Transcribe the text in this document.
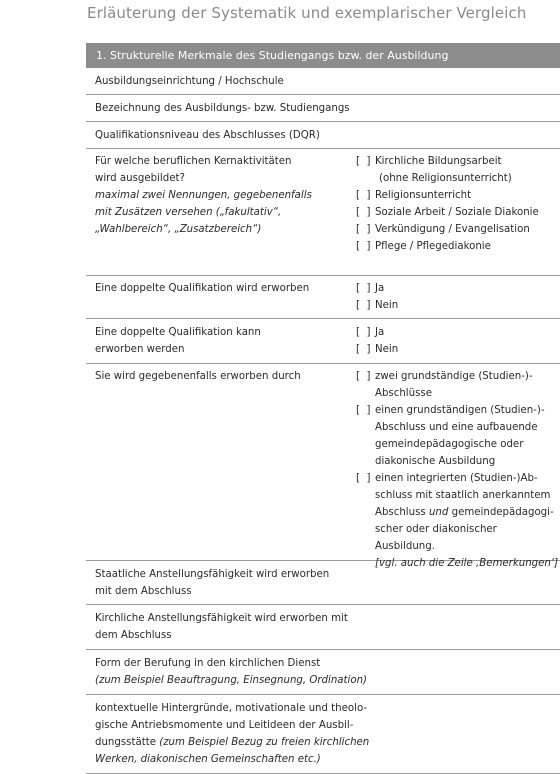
Erläuterung der Systematik und exemplarischer Vergleich
1. Strukturelle Merkmale des Studiengangs bzw. der Ausbildung
Ausbildungseinrichtung / Hochschule
Bezeichnung des Ausbildungs- bzw. Studiengangs
Qualifikationsniveau des Abschlusses (DQR)
Für welche beruflichen Kernaktivitäten
wird ausgebildet?
maximal zwei Nennungen, gegebenenfalls
mit Zusätzen versehen („fakultativ“,
„Wahlbereich“, „Zusatzbereich“)
[  ] Kirchliche Bildungsarbeit
(ohne Religionsunterricht)
[  ] Religionsunterricht
[  ] Soziale Arbeit / Soziale Diakonie
[  ] Verkündigung / Evangelisation
[  ] Pflege / Pflegediakonie
Eine doppelte Qualifikation wird erworben	[  ] Ja
[  ] Nein
Eine doppelte Qualifikation kann
erworben werden
[  ] Ja
[  ] Nein
Sie wird gegebenenfalls erworben durch	[  ] zwei grundständige (Studien-)-
Abschlüsse
[  ] einen grundständigen (Studien-)-
Abschluss und eine aufbauende
gemeindepädagogische oder
diakonische Ausbildung
[  ] einen integrierten (Studien-)Ab-
schluss mit staatlich anerkanntem
Abschluss und gemeindepädagogi-
scher oder diakonischer Ausbildung.
[vgl. auch die Zeile ‚Bemerkungen‘]
Staatliche Anstellungsfähigkeit wird erworben
mit dem Abschluss
Kirchliche Anstellungsfähigkeit wird erworben mit
dem Abschluss
Form der Berufung in den kirchlichen Dienst
(zum Beispiel Beauftragung, Einsegnung, Ordination)
kontextuelle Hintergründe, motivationale und theolo-
gische Antriebsmomente und Leitideen der Ausbil-
dungsstätte (zum Beispiel Bezug zu freien kirchlichen
Werken, diakonischen Gemeinschaften etc.)
